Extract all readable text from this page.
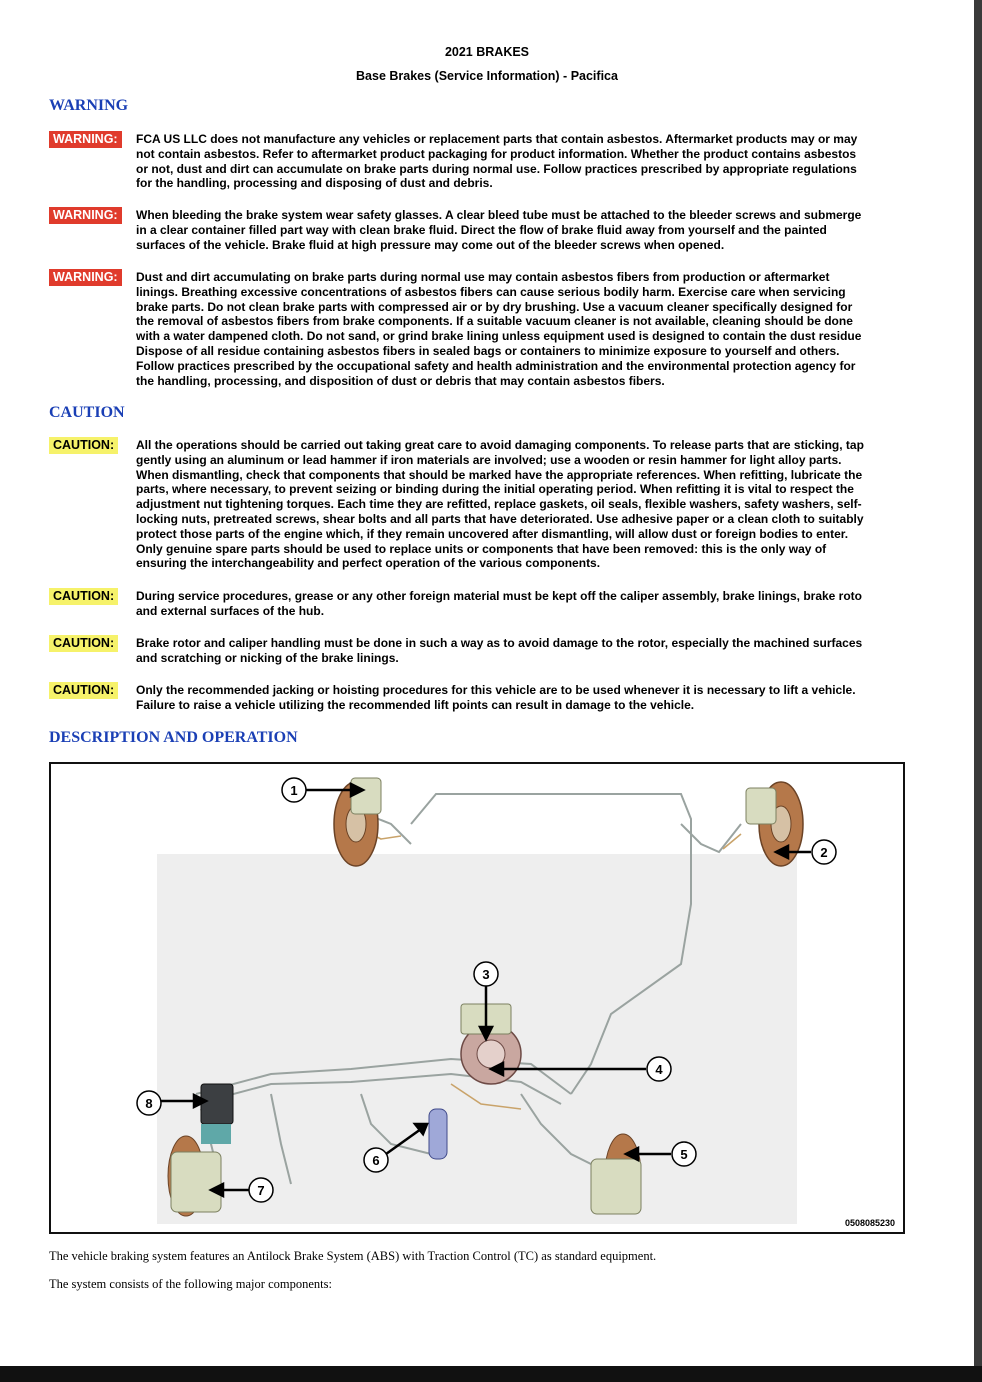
2021 BRAKES
Base Brakes (Service Information) - Pacifica
WARNING
WARNING:	FCA US LLC does not manufacture any vehicles or replacement parts that contain asbestos. Aftermarket products may or may
not contain asbestos. Refer to aftermarket product packaging for product information. Whether the product contains asbestos
or not, dust and dirt can accumulate on brake parts during normal use. Follow practices prescribed by appropriate regulations
for the handling, processing and disposing of dust and debris.
WARNING:	When bleeding the brake system wear safety glasses. A clear bleed tube must be attached to the bleeder screws and submerge
in a clear container filled part way with clean brake fluid. Direct the flow of brake fluid away from yourself and the painted
surfaces of the vehicle. Brake fluid at high pressure may come out of the bleeder screws when opened.
WARNING:	Dust and dirt accumulating on brake parts during normal use may contain asbestos fibers from production or aftermarket
linings. Breathing excessive concentrations of asbestos fibers can cause serious bodily harm. Exercise care when servicing
brake parts. Do not clean brake parts with compressed air or by dry brushing. Use a vacuum cleaner specifically designed for
the removal of asbestos fibers from brake components. If a suitable vacuum cleaner is not available, cleaning should be done
with a water dampened cloth. Do not sand, or grind brake lining unless equipment used is designed to contain the dust residue
Dispose of all residue containing asbestos fibers in sealed bags or containers to minimize exposure to yourself and others.
Follow practices prescribed by the occupational safety and health administration and the environmental protection agency for
the handling, processing, and disposition of dust or debris that may contain asbestos fibers.
CAUTION
CAUTION:	All the operations should be carried out taking great care to avoid damaging components. To release parts that are sticking, tap
gently using an aluminum or lead hammer if iron materials are involved; use a wooden or resin hammer for light alloy parts.
When dismantling, check that components that should be marked have the appropriate references. When refitting, lubricate the
parts, where necessary, to prevent seizing or binding during the initial operating period. When refitting it is vital to respect the
adjustment nut tightening torques. Each time they are refitted, replace gaskets, oil seals, flexible washers, safety washers, self-
locking nuts, pretreated screws, shear bolts and all parts that have deteriorated. Use adhesive paper or a clean cloth to suitably
protect those parts of the engine which, if they remain uncovered after dismantling, will allow dust or foreign bodies to enter.
Only genuine spare parts should be used to replace units or components that have been removed: this is the only way of
ensuring the interchangeability and perfect operation of the various components.
CAUTION:	During service procedures, grease or any other foreign material must be kept off the caliper assembly, brake linings, brake roto
and external surfaces of the hub.
CAUTION:	Brake rotor and caliper handling must be done in such a way as to avoid damage to the rotor, especially the machined surfaces
and scratching or nicking of the brake linings.
CAUTION:	Only the recommended jacking or hoisting procedures for this vehicle are to be used whenever it is necessary to lift a vehicle.
Failure to raise a vehicle utilizing the recommended lift points can result in damage to the vehicle.
DESCRIPTION AND OPERATION
1
2
3
4
5
6
7
8
0508085230
The vehicle braking system features an Antilock Brake System (ABS) with Traction Control (TC) as standard equipment.
The system consists of the following major components:
